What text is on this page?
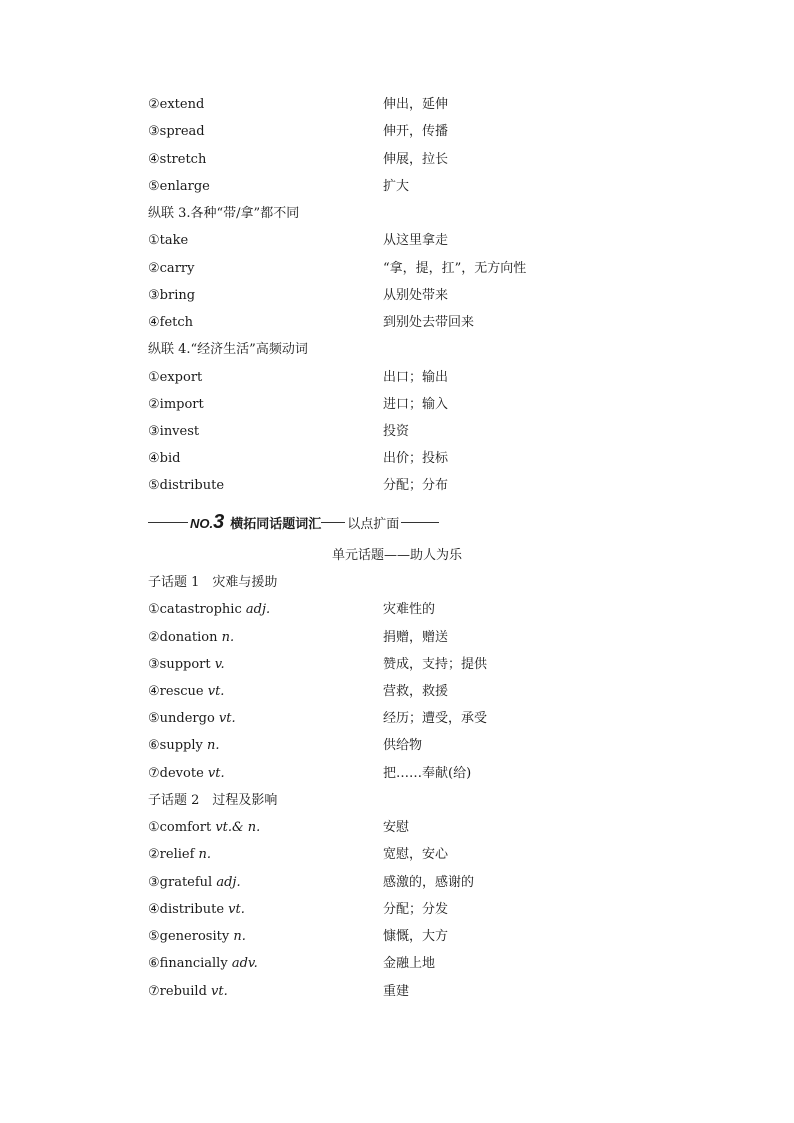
②extend	伸出，延伸
③spread	伸开，传播
④stretch	伸展，拉长
⑤enlarge	扩大
纵联 3.各种“带/拿”都不同
①take	从这里拿走
②carry	“拿，提，扛”，无方向性
③bring	从别处带来
④fetch	到别处去带回来
纵联 4.“经济生活”高频动词
①export	出口；输出
②import	进口；输入
③invest	投资
④bid	出价；投标
⑤distribute	分配；分布
NO.3 横拓同话题词汇 以点扩面
单元话题——助人为乐
子话题 1　灾难与援助
①catastrophic adj.	灾难性的
②donation n.	捐赠，赠送
③support v.	赞成，支持；提供
④rescue vt.	营救，救援
⑤undergo vt.	经历；遭受，承受
⑥supply n.	供给物
⑦devote vt.	把……奉献(给)
子话题 2　过程及影响
①comfort vt.& n.	安慰
②relief n.	宽慰，安心
③grateful adj.	感激的，感谢的
④distribute vt.	分配；分发
⑤generosity n.	慷慨，大方
⑥financially adv.	金融上地
⑦rebuild vt.	重建
